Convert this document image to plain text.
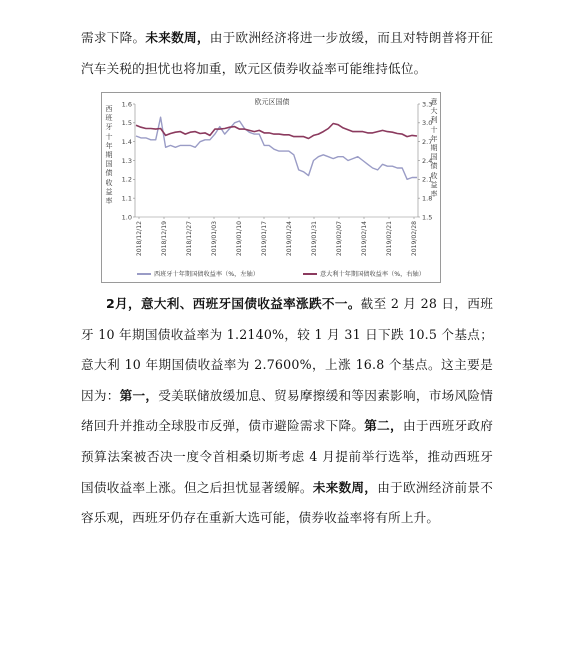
需求下降。未来数周，由于欧洲经济将进一步放缓，而且对特朗普将开征汽车关税的担忧也将加重，欧元区债券收益率可能维持低位。
欧元区国债
西班牙十年期国债收益率
意大利十年期国债收益率
1.0
1.1
1.2
1.3
1.4
1.5
1.6
1.5
1.8
2.1
2.4
2.7
3.0
3.3
2018/12/12	2018/12/19	2018/12/27	2019/01/03	2019/01/10	2019/01/17	2019/01/24	2019/01/31	2019/02/07	2019/02/14	2019/02/21	2019/02/28
西班牙十年期国债收益率（%，左轴）	意大利十年期国债收益率（%，右轴）
2月，意大利、西班牙国债收益率涨跌不一。截至 2 月 28 日，西班牙 10 年期国债收益率为 1.2140%，较 1 月 31 日下跌 10.5 个基点；意大利 10 年期国债收益率为 2.7600%，上涨 16.8 个基点。这主要是因为：第一，受美联储放缓加息、贸易摩擦缓和等因素影响，市场风险情绪回升并推动全球股市反弹，债市避险需求下降。第二，由于西班牙政府预算法案被否决一度令首相桑切斯考虑 4 月提前举行选举，推动西班牙国债收益率上涨。但之后担忧显著缓解。未来数周，由于欧洲经济前景不容乐观，西班牙仍存在重新大选可能，债券收益率将有所上升。
